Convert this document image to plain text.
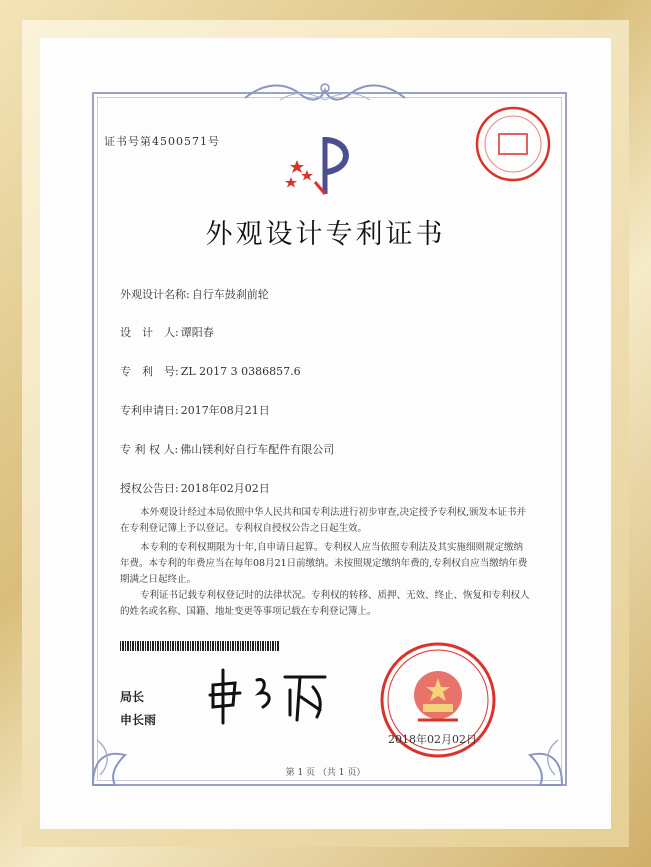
证书号第4500571号
外观设计专利证书
外观设计名称: 自行车鼓刹前轮
设　计　人: 谭阳春
专　利　号: ZL 2017 3 0386857.6
专利申请日: 2017年08月21日
专 利 权 人: 佛山镁利好自行车配件有限公司
授权公告日: 2018年02月02日
本外观设计经过本局依照中华人民共和国专利法进行初步审查,决定授予专利权,颁发本证书并在专利登记簿上予以登记。专利权自授权公告之日起生效。
本专利的专利权期限为十年,自申请日起算。专利权人应当依照专利法及其实施细则规定缴纳年费。本专利的年费应当在每年08月21日前缴纳。未按照规定缴纳年费的,专利权自应当缴纳年费期满之日起终止。
专利证书记载专利权登记时的法律状况。专利权的转移、质押、无效、终止、恢复和专利权人的姓名或名称、国籍、地址变更等事项记载在专利登记簿上。
局长
申长雨
2018年02月02日
第 1 页 （共 1 页）
